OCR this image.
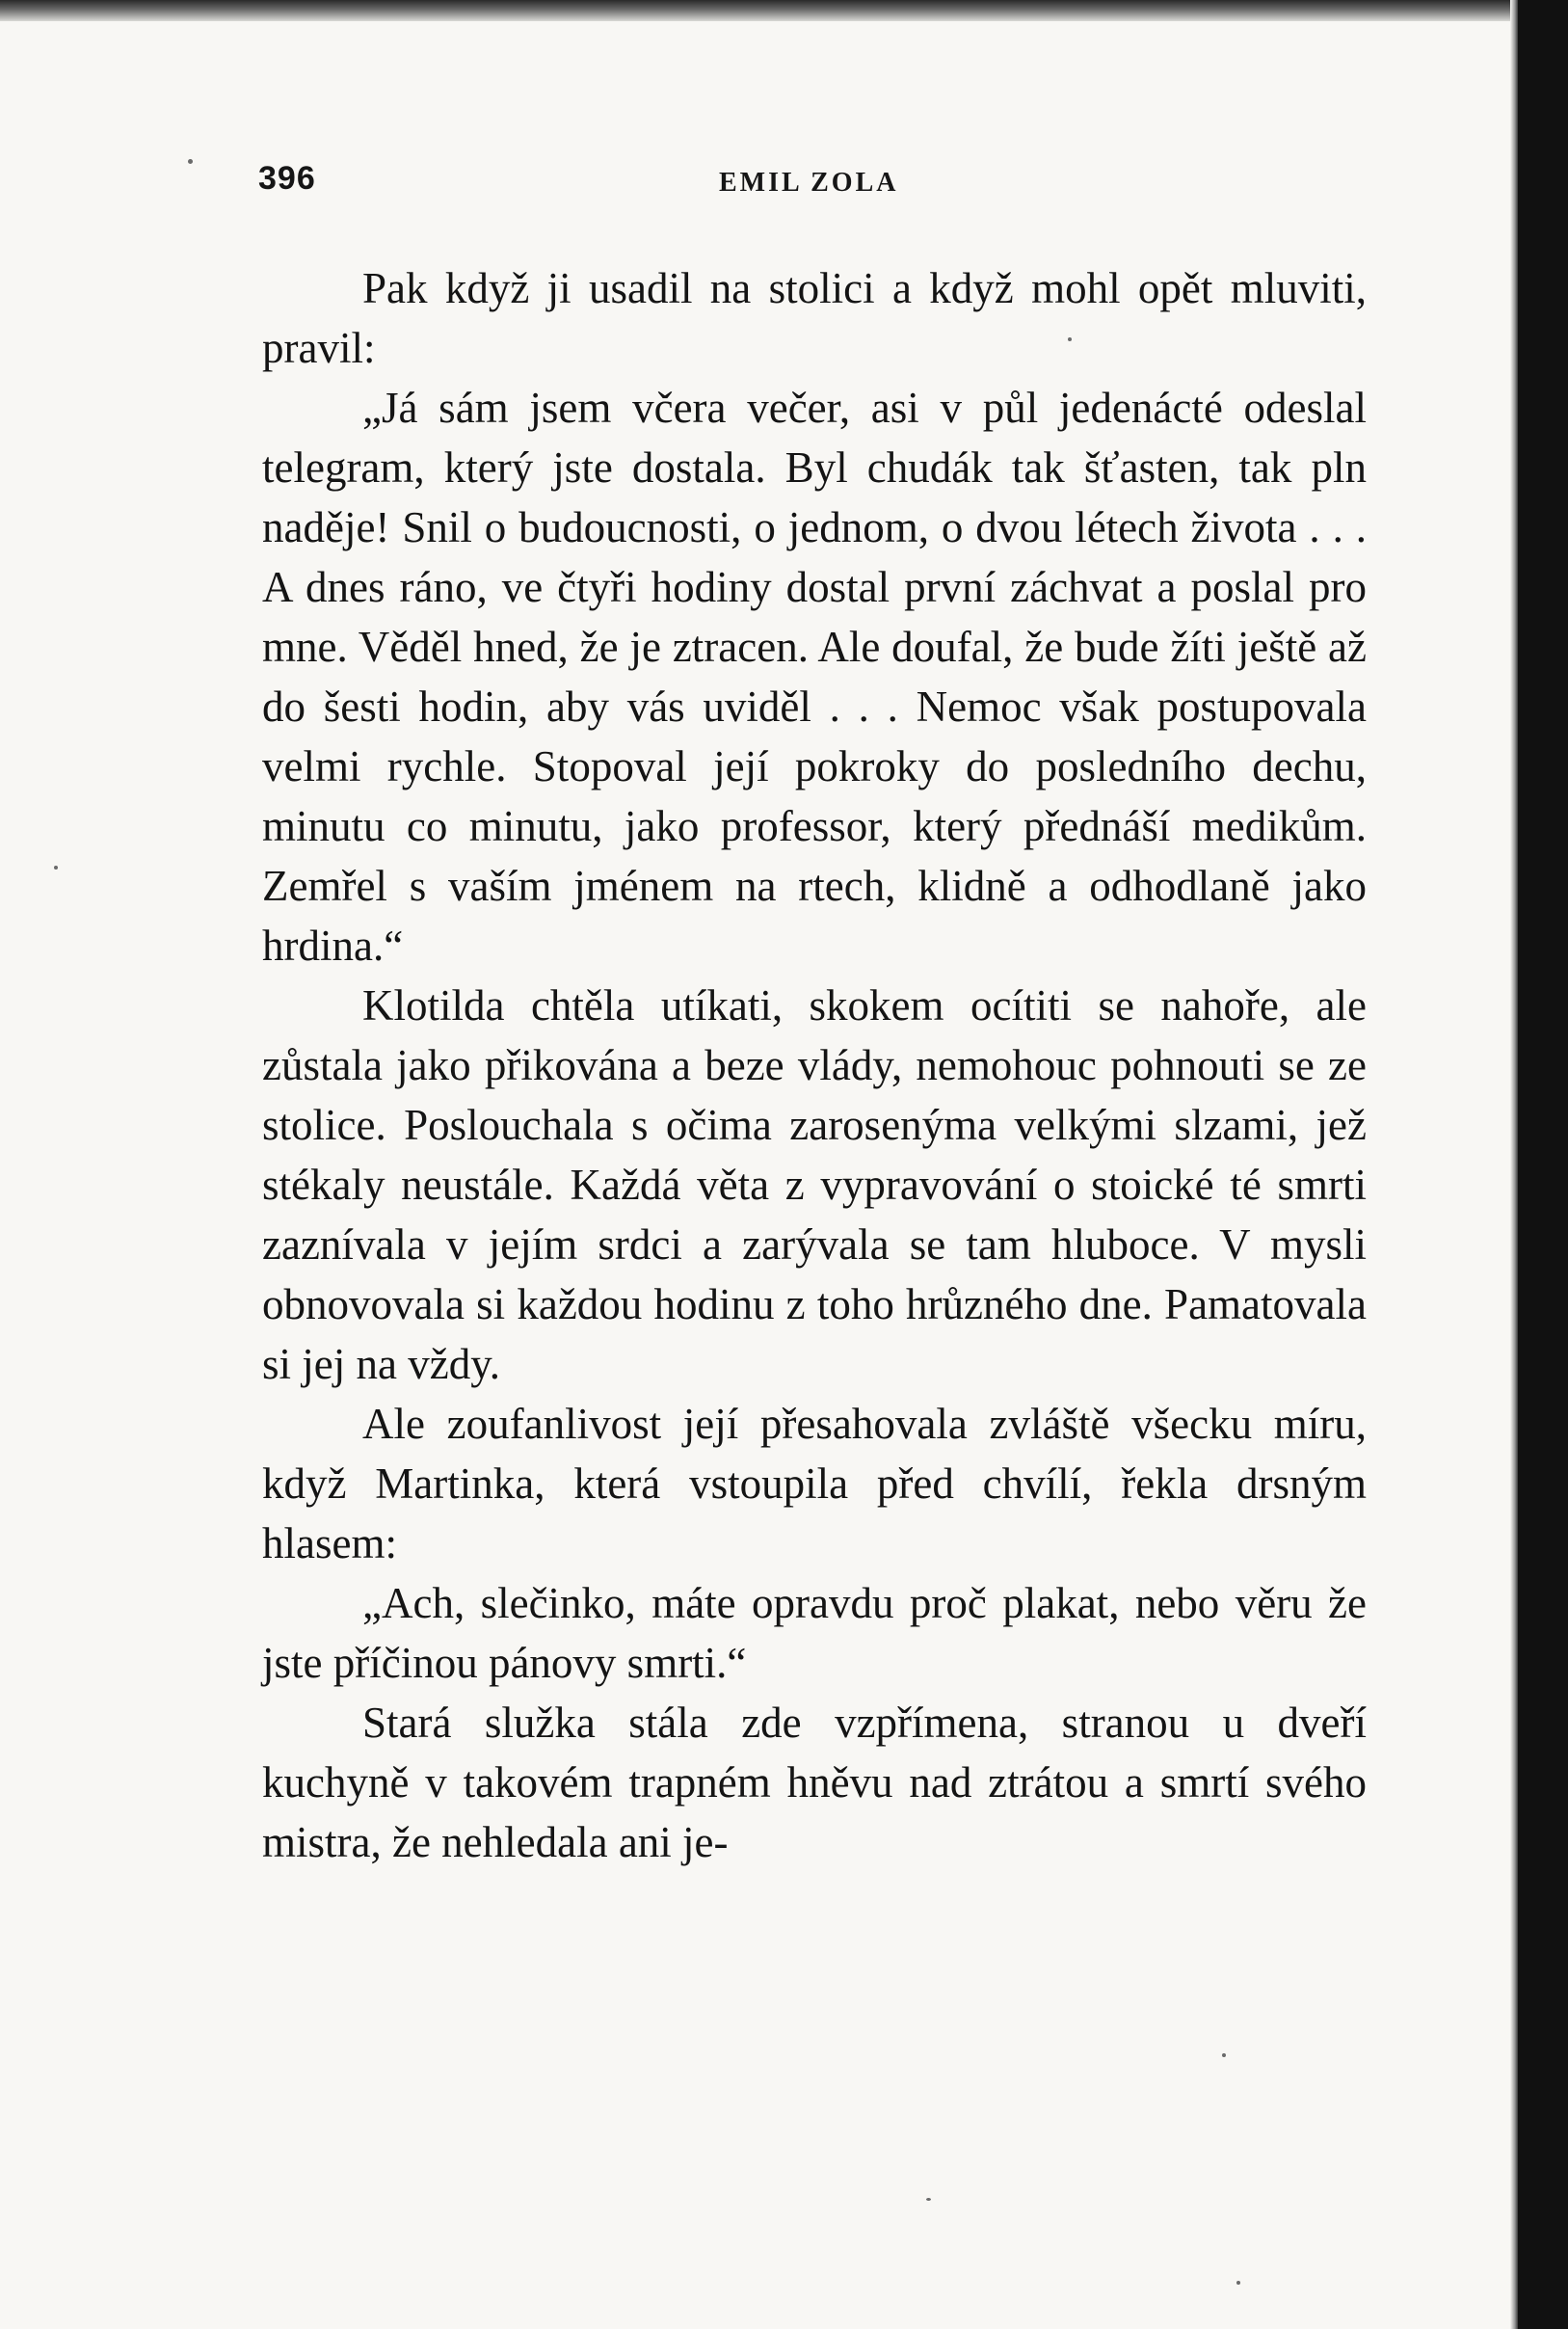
396	EMIL ZOLA

Pak když ji usadil na stolici a když mohl opět mluviti, pravil:

„Já sám jsem včera večer, asi v půl jedenácté odeslal telegram, který jste dostala. Byl chudák tak šťasten, tak pln naděje! Snil o budoucnosti, o jednom, o dvou létech života . . . A dnes ráno, ve čtyři hodiny dostal první záchvat a poslal pro mne. Věděl hned, že je ztracen. Ale doufal, že bude žíti ještě až do šesti hodin, aby vás uviděl . . . Nemoc však postupovala velmi rychle. Stopoval její pokroky do posledního dechu, minutu co minutu, jako professor, který přednáší medikům. Zemřel s vaším jménem na rtech, klidně a odhodlaně jako hrdina.“

Klotilda chtěla utíkati, skokem ocítiti se nahoře, ale zůstala jako přikována a beze vlády, nemohouc pohnouti se ze stolice. Poslouchala s očima zarosenýma velkými slzami, jež stékaly neustále. Každá věta z vypravování o stoické té smrti zaznívala v jejím srdci a zarývala se tam hluboce. V mysli obnovovala si každou hodinu z toho hrůzného dne. Pamatovala si jej na vždy.

Ale zoufanlivost její přesahovala zvláště všecku míru, když Martinka, která vstoupila před chvílí, řekla drsným hlasem:

„Ach, slečinko, máte opravdu proč plakat, nebo věru že jste příčinou pánovy smrti.“

Stará služka stála zde vzpřímena, stranou u dveří kuchyně v takovém trapném hněvu nad ztrátou a smrtí svého mistra, že nehledala ani je-
